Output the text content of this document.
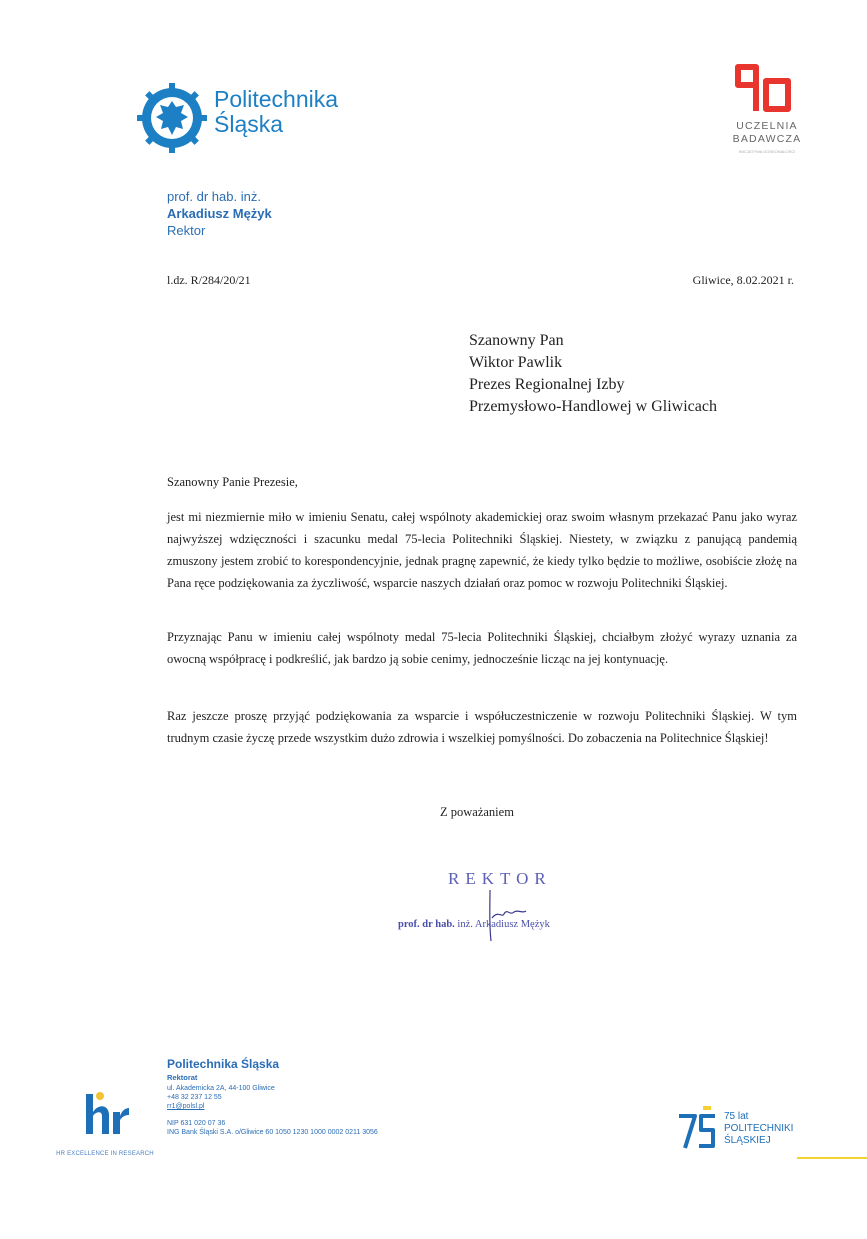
Politechnika
Śląska	UCZELNIA
BADAWCZA
INICJATYWA DOSKONAŁOŚCI
prof. dr hab. inż.
Arkadiusz Mężyk
Rektor
l.dz. R/284/20/21	Gliwice, 8.02.2021 r.
Szanowny Pan
Wiktor Pawlik
Prezes Regionalnej Izby
Przemysłowo-Handlowej w Gliwicach
Szanowny Panie Prezesie,
jest mi niezmiernie miło w imieniu Senatu, całej wspólnoty akademickiej oraz swoim własnym przekazać Panu jako wyraz najwyższej wdzięczności i szacunku medal 75-lecia Politechniki Śląskiej. Niestety, w związku z panującą pandemią zmuszony jestem zrobić to korespondencyjnie, jednak pragnę zapewnić, że kiedy tylko będzie to możliwe, osobiście złożę na Pana ręce podziękowania za życzliwość, wsparcie naszych działań oraz pomoc w rozwoju Politechniki Śląskiej.
Przyznając Panu w imieniu całej wspólnoty medal 75-lecia Politechniki Śląskiej, chciałbym złożyć wyrazy uznania za owocną współpracę i podkreślić, jak bardzo ją sobie cenimy, jednocześnie licząc na jej kontynuację.
Raz jeszcze proszę przyjąć podziękowania za wsparcie i współuczestniczenie w rozwoju Politechniki Śląskiej. W tym trudnym czasie życzę przede wszystkim dużo zdrowia i wszelkiej pomyślności. Do zobaczenia na Politechnice Śląskiej!
Z poważaniem
REKTOR
prof. dr hab. inż. Arkadiusz Mężyk
HR EXCELLENCE IN RESEARCH
Politechnika Śląska
Rektorat
ul. Akademicka 2A, 44-100 Gliwice
+48 32 237 12 55
rr1@polsl.pl
NIP 631 020 07 36
ING Bank Śląski S.A. o/Gliwice 60 1050 1230 1000 0002 0211 3056
75 lat
POLITECHNIKI
ŚLĄSKIEJ
